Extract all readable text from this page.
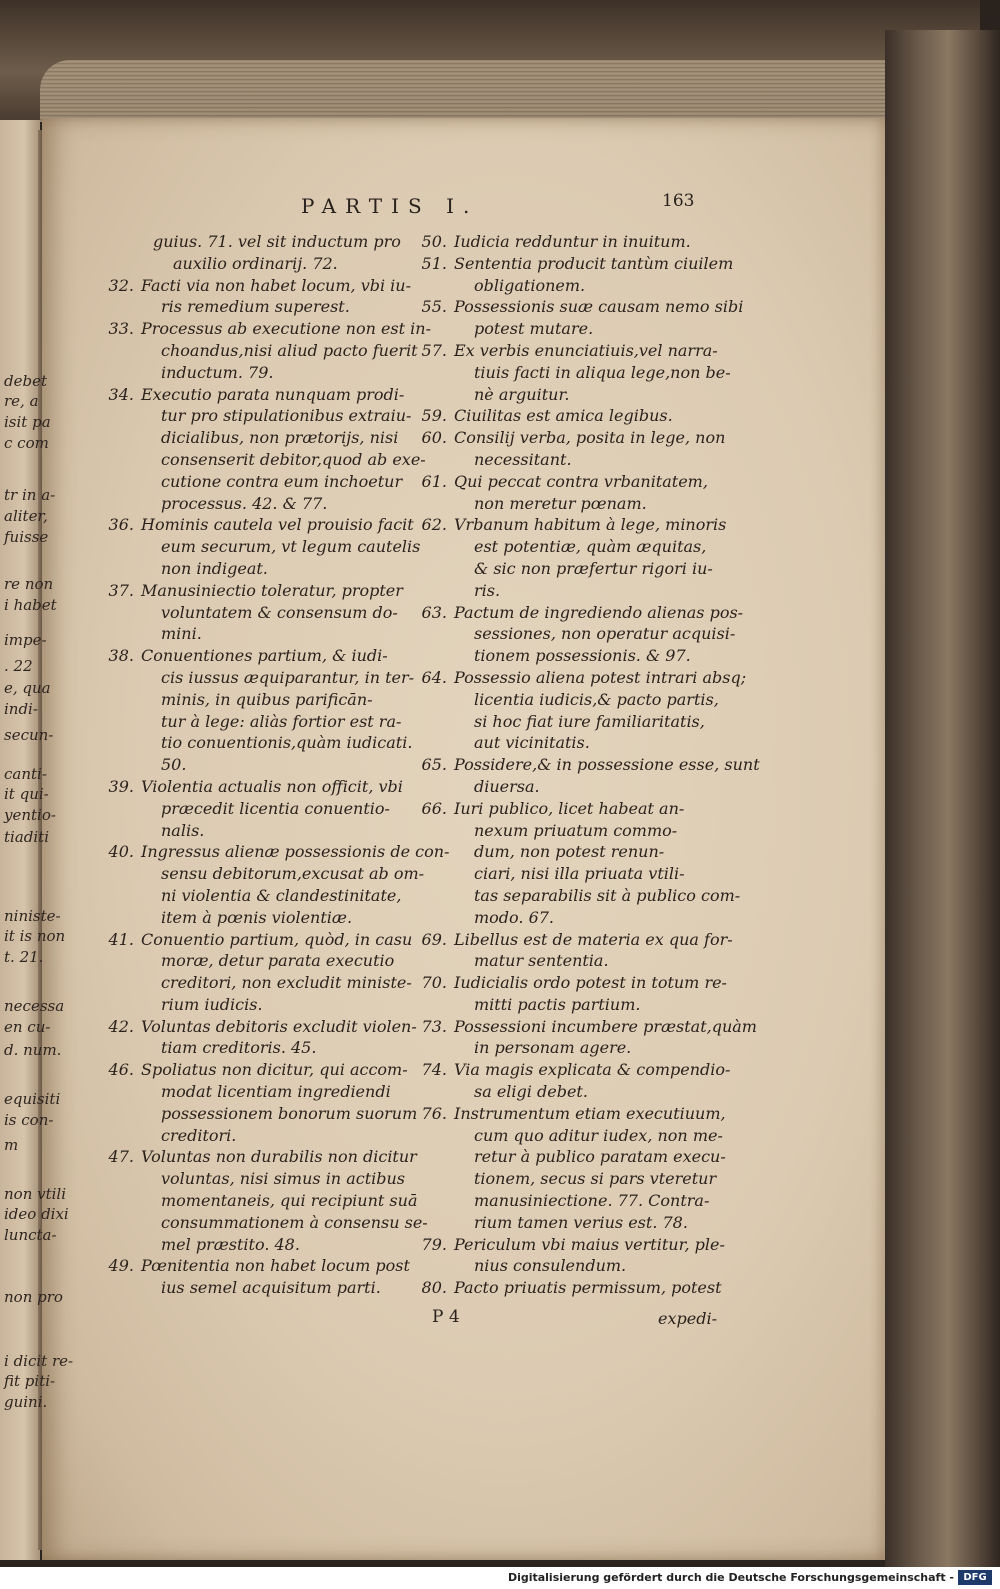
PARTIS I.	163
guius. 71. vel sit inductum pro
auxilio ordinarij. 72.
32. Facti via non habet locum, vbi iu-
ris remedium superest.
33. Processus ab executione non est in-
choandus,nisi aliud pacto fuerit
inductum. 79.
34. Executio parata nunquam prodi-
tur pro stipulationibus extraiu-
dicialibus, non prætorijs, nisi
consenserit debitor,quod ab exe-
cutione contra eum inchoetur
processus. 42. & 77.
36. Hominis cautela vel prouisio facit
eum securum, vt legum cautelis
non indigeat.
37. Manusiniectio toleratur, propter
voluntatem & consensum do-
mini.
38. Conuentiones partium, & iudi-
cis iussus æquiparantur, in ter-
minis, in quibus parificān-
tur à lege: aliàs fortior est ra-
tio conuentionis,quàm iudicati.
50.
39. Violentia actualis non officit, vbi
præcedit licentia conuentio-
nalis.
40. Ingressus alienæ possessionis de con-
sensu debitorum,excusat ab om-
ni violentia & clandestinitate,
item à pœnis violentiæ.
41. Conuentio partium, quòd, in casu
moræ, detur parata executio
creditori, non excludit ministe-
rium iudicis.
42. Voluntas debitoris excludit violen-
tiam creditoris. 45.
46. Spoliatus non dicitur, qui accom-
modat licentiam ingrediendi
possessionem bonorum suorum
creditori.
47. Voluntas non durabilis non dicitur
voluntas, nisi simus in actibus
momentaneis, qui recipiunt suā
consummationem à consensu se-
mel præstito. 48.
49. Pœnitentia non habet locum post
ius semel acquisitum parti.
50. Iudicia redduntur in inuitum.
51. Sententia producit tantùm ciuilem
obligationem.
55. Possessionis suæ causam nemo sibi
potest mutare.
57. Ex verbis enunciatiuis,vel narra-
tiuis facti in aliqua lege,non be-
nè arguitur.
59. Ciuilitas est amica legibus.
60. Consilij verba, posita in lege, non
necessitant.
61. Qui peccat contra vrbanitatem,
non meretur pœnam.
62. Vrbanum habitum à lege, minoris
est potentiæ, quàm æquitas,
& sic non præfertur rigori iu-
ris.
63. Pactum de ingrediendo alienas pos-
sessiones, non operatur acquisi-
tionem possessionis. & 97.
64. Possessio aliena potest intrari absq;
licentia iudicis,& pacto partis,
si hoc fiat iure familiaritatis,
aut vicinitatis.
65. Possidere,& in possessione esse, sunt
diuersa.
66. Iuri publico, licet habeat an-
nexum priuatum commo-
dum, non potest renun-
ciari, nisi illa priuata vtili-
tas separabilis sit à publico com-
modo. 67.
69. Libellus est de materia ex qua for-
matur sententia.
70. Iudicialis ordo potest in totum re-
mitti pactis partium.
73. Possessioni incumbere præstat,quàm
in personam agere.
74. Via magis explicata & compendio-
sa eligi debet.
76. Instrumentum etiam executiuum,
cum quo aditur iudex, non me-
retur à publico paratam execu-
tionem, secus si pars vteretur
manusiniectione. 77. Contra-
rium tamen verius est. 78.
79. Periculum vbi maius vertitur, ple-
nius consulendum.
80. Pacto priuatis permissum, potest
P 4	expedi-
debet
re, a
isit pa
c com
tr in a-
aliter,
fuisse
re non
i habet
impe-
. 22
e, qua
indi-
secun-
canti-
it qui-
yentio-
tiaditi
niniste-
it is non
t. 21.
necessa
en cu-
d. num.
equisiti
is con-
m
non vtili
ideo dixi
luncta-
non pro
i dicit re-
fit piti-
guini.
Digitalisierung gefördert durch die Deutsche Forschungsgemeinschaft - DFG
